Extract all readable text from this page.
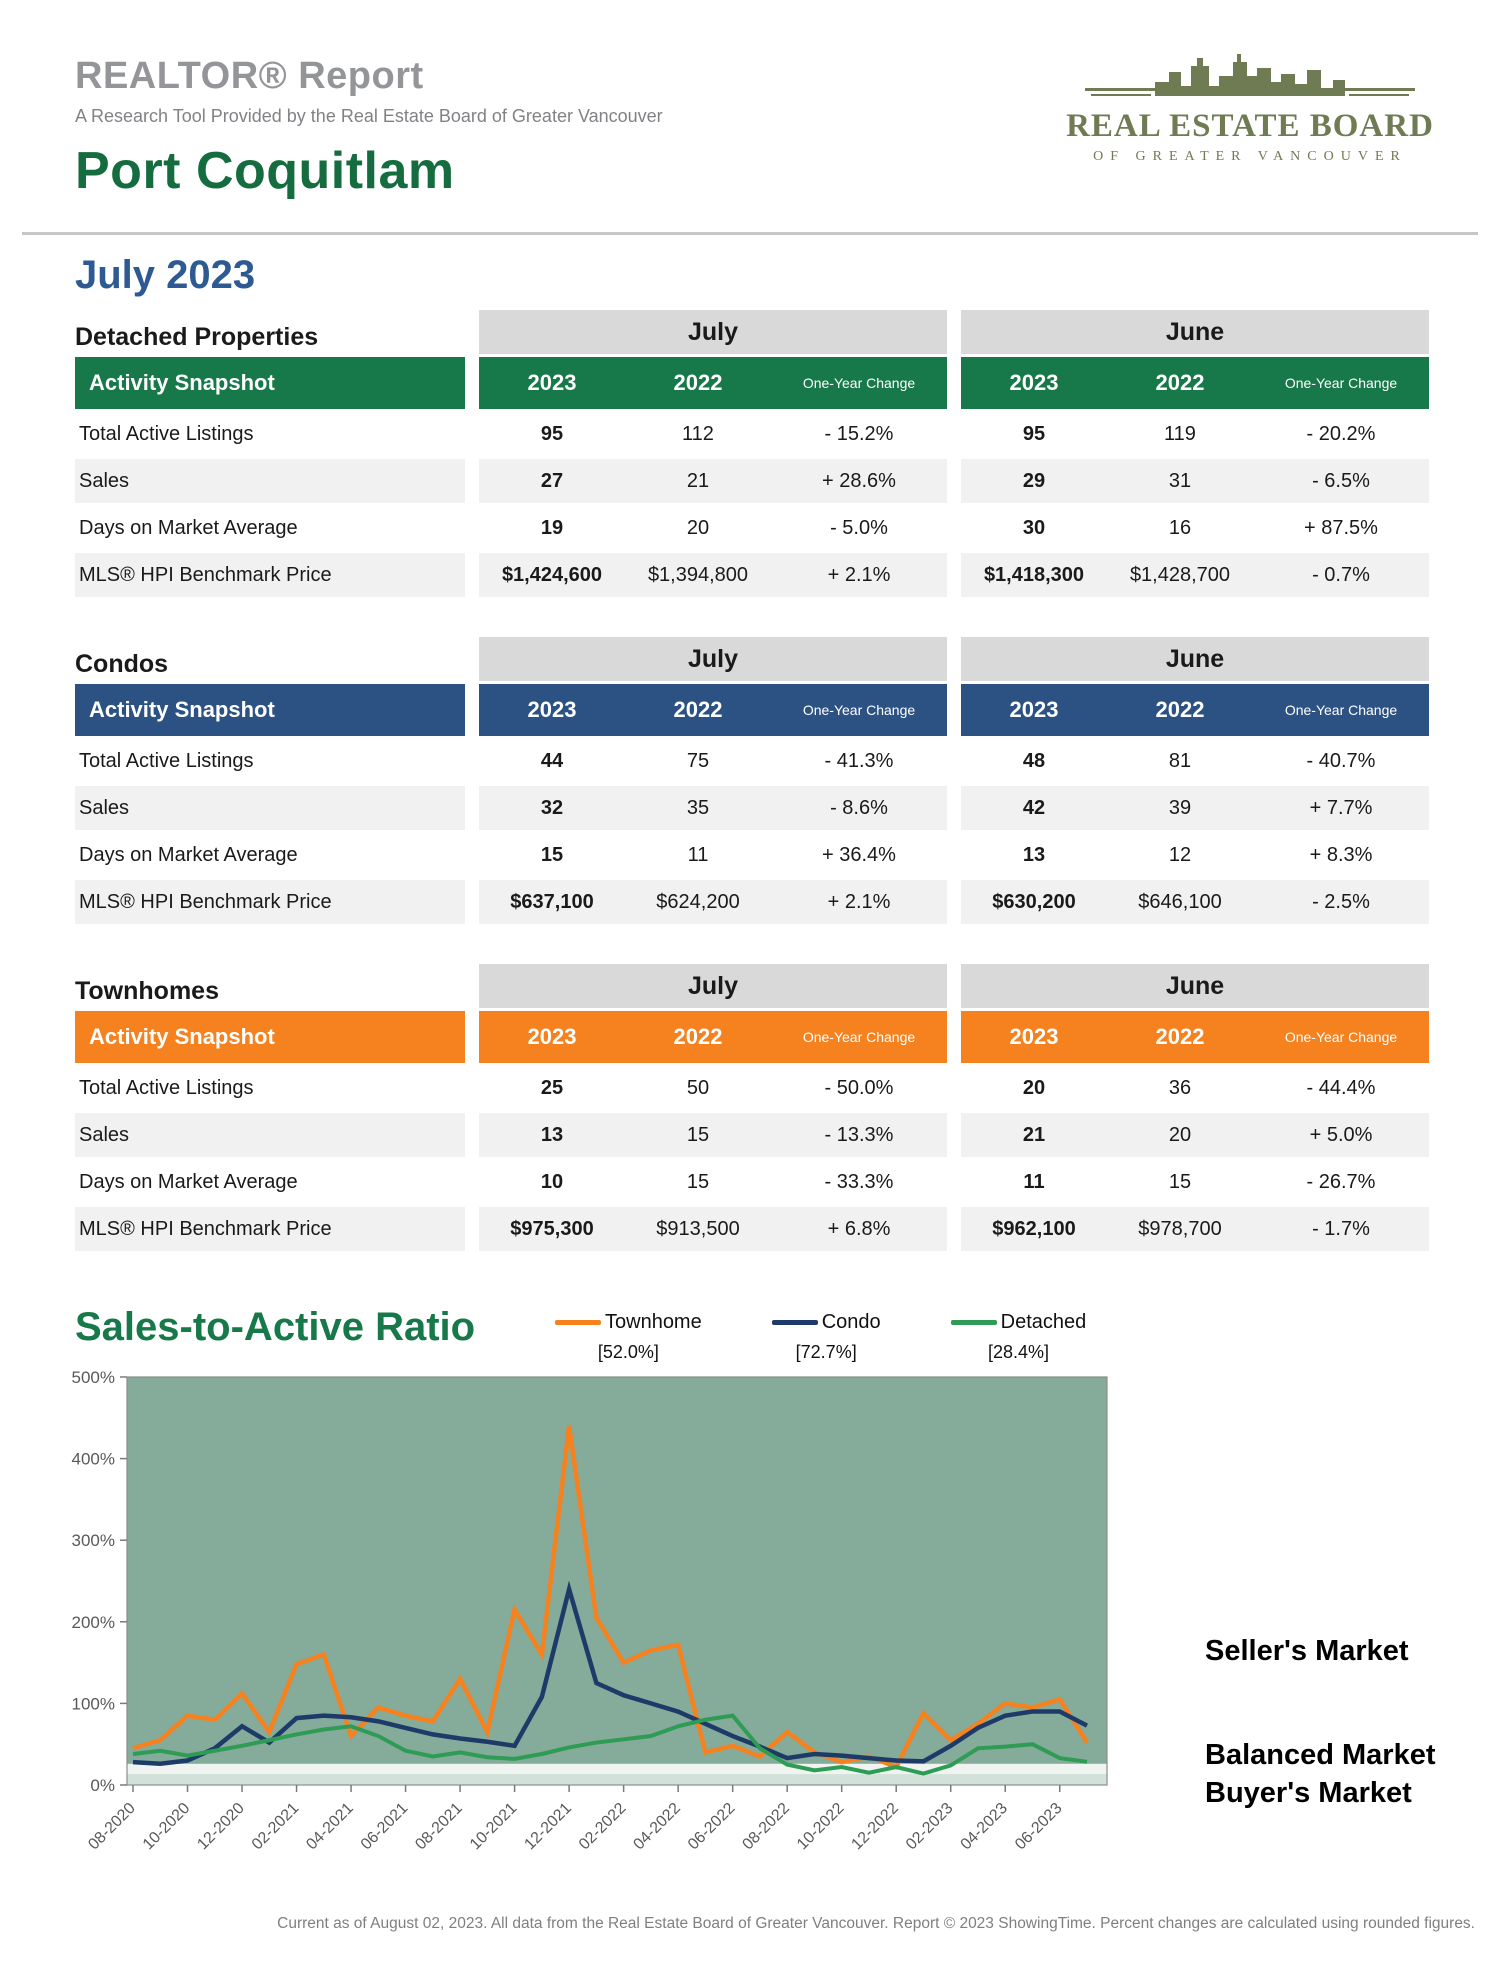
REALTOR® Report
A Research Tool Provided by the Real Estate Board of Greater Vancouver
Port Coquitlam
REAL ESTATE BOARD
OF GREATER VANCOUVER
July 2023
Detached Properties	July	June
Activity Snapshot	2023	2022	One-Year Change	2023	2022	One-Year Change
Total Active Listings	95	112	- 15.2%	95	119	- 20.2%
Sales	27	21	+ 28.6%	29	31	- 6.5%
Days on Market Average	19	20	- 5.0%	30	16	+ 87.5%
MLS® HPI Benchmark Price	$1,424,600	$1,394,800	+ 2.1%	$1,418,300	$1,428,700	- 0.7%
Condos	July	June
Activity Snapshot	2023	2022	One-Year Change	2023	2022	One-Year Change
Total Active Listings	44	75	- 41.3%	48	81	- 40.7%
Sales	32	35	- 8.6%	42	39	+ 7.7%
Days on Market Average	15	11	+ 36.4%	13	12	+ 8.3%
MLS® HPI Benchmark Price	$637,100	$624,200	+ 2.1%	$630,200	$646,100	- 2.5%
Townhomes	July	June
Activity Snapshot	2023	2022	One-Year Change	2023	2022	One-Year Change
Total Active Listings	25	50	- 50.0%	20	36	- 44.4%
Sales	13	15	- 13.3%	21	20	+ 5.0%
Days on Market Average	10	15	- 33.3%	11	15	- 26.7%
MLS® HPI Benchmark Price	$975,300	$913,500	+ 6.8%	$962,100	$978,700	- 1.7%
Sales-to-Active Ratio	Townhome
[52.0%]
Condo
[72.7%]
Detached
[28.4%]
0%
100%
200%
300%
400%
500%
08-2020 10-2020 12-2020 02-2021 04-2021 06-2021 08-2021 10-2021 12-2021 02-2022 04-2022 06-2022 08-2022 10-2022 12-2022 02-2023 04-2023 06-2023
Seller's Market
Balanced Market
Buyer's Market
Current as of August 02, 2023. All data from the Real Estate Board of Greater Vancouver. Report © 2023 ShowingTime. Percent changes are calculated using rounded figures.
